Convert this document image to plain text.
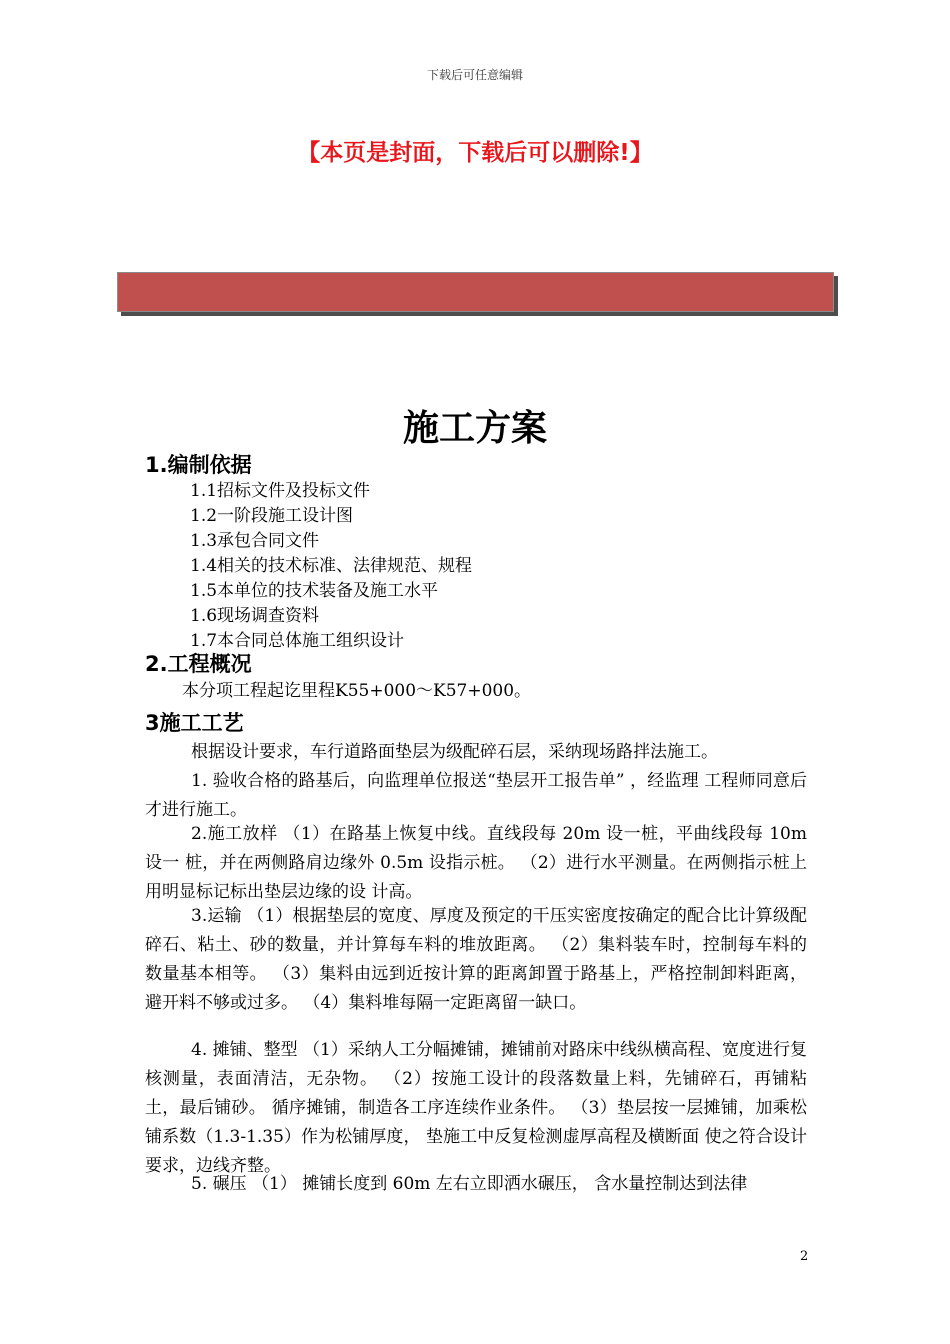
下载后可任意编辑
【本页是封面，下载后可以删除!】
施工方案
1.编制依据
1.1招标文件及投标文件
1.2一阶段施工设计图
1.3承包合同文件
1.4相关的技术标准、法律规范、规程
1.5本单位的技术装备及施工水平
1.6现场调查资料
1.7本合同总体施工组织设计
2.工程概况
本分项工程起讫里程K55+000～K57+000。
3施工工艺
根据设计要求，车行道路面垫层为级配碎石层，采纳现场路拌法施工。
1. 验收合格的路基后，向监理单位报送“垫层开工报告单” ，经监理 工程师同意后才进行施工。
2.施工放样 （1）在路基上恢复中线。直线段每 20m 设一桩，平曲线段每 10m 设一 桩，并在两侧路肩边缘外 0.5m 设指示桩。 （2）进行水平测量。在两侧指示桩上用明显标记标出垫层边缘的设 计高。
3.运输 （1）根据垫层的宽度、厚度及预定的干压实密度按确定的配合比计算级配碎石、粘土、砂的数量，并计算每车料的堆放距离。 （2）集料装车时，控制每车料的数量基本相等。 （3）集料由远到近按计算的距离卸置于路基上，严格控制卸料距离， 避开料不够或过多。 （4）集料堆每隔一定距离留一缺口。
4. 摊铺、整型 （1）采纳人工分幅摊铺，摊铺前对路床中线纵横高程、宽度进行复 核测量，表面清洁，无杂物。 （2）按施工设计的段落数量上料，先铺碎石，再铺粘土，最后铺砂。 循序摊铺，制造各工序连续作业条件。 （3）垫层按一层摊铺，加乘松铺系数（1.3-1.35）作为松铺厚度， 垫施工中反复检测虚厚高程及横断面 使之符合设计要求，边线齐整。
5. 碾压 （1） 摊铺长度到 60m 左右立即洒水碾压， 含水量控制达到法律
2
